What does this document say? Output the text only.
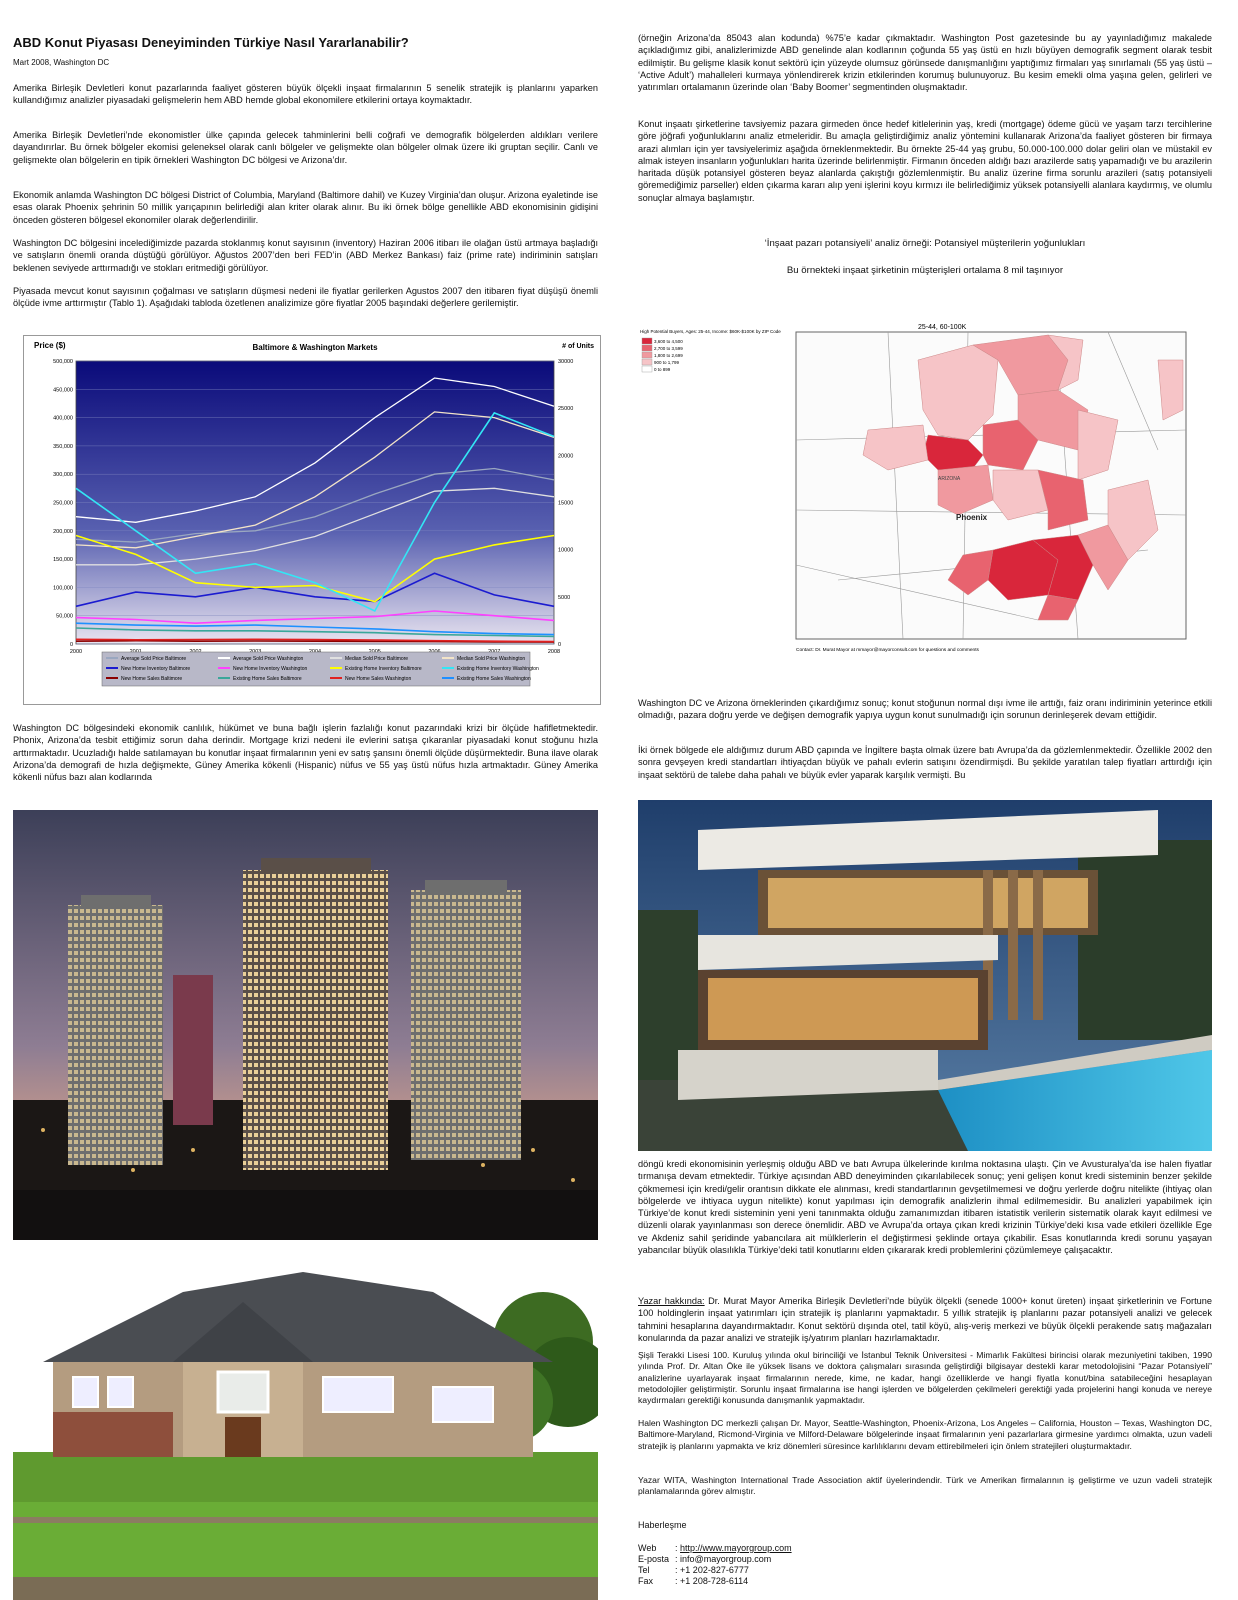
ABD Konut Piyasası Deneyiminden Türkiye Nasıl Yararlanabilir?
Mart 2008, Washington DC

Amerika Birleşik Devletleri konut pazarlarında faaliyet gösteren büyük ölçekli inşaat firmalarının 5 senelik stratejik iş planlarını yaparken kullandığımız analizler piyasadaki gelişmelerin hem ABD hemde global ekonomilere etkilerini ortaya koymaktadır.

Amerika Birleşik Devletleri’nde ekonomistler ülke çapında gelecek tahminlerini belli coğrafi ve demografik bölgelerden aldıkları verilere dayandırırlar. Bu örnek bölgeler ekomisi geleneksel olarak canlı bölgeler ve gelişmekte olan bölgeler olmak üzere iki gruptan seçilir. Canlı ve gelişmekte olan bölgelerin en tipik örnekleri Washington DC bölgesi ve Arizona’dır.

Ekonomik anlamda Washington DC bölgesi District of Columbia, Maryland (Baltimore dahil) ve Kuzey Virginia’dan oluşur. Arizona eyaletinde ise esas olarak Phoenix şehrinin 50 millik yarıçapının belirlediği alan kriter olarak alınır. Bu iki örnek bölge genellikle ABD ekonomisinin gidişini önceden gösteren bölgesel ekonomiler olarak değerlendirilir.

Washington DC bölgesini incelediğimizde pazarda stoklanmış konut sayısının (inventory) Haziran 2006 itibarı ile olağan üstü artmaya başladığı ve satışların önemli oranda düştüğü görülüyor. Ağustos 2007’den beri FED’in (ABD Merkez Bankası) faiz (prime rate) indiriminin satışları beklenen seviyede arttırmadığı ve stokları eritmediği görülüyor.

Piyasada mevcut konut sayısının çoğalması ve satışların düşmesi nedeni ile fiyatlar gerilerken Agustos 2007 den itibaren fiyat düşüşü önemli ölçüde ivme arttırmıştır (Tablo 1). Aşağıdaki tabloda özetlenen analizimize göre fiyatlar 2005 başındaki değerlere gerilemiştir.

Baltimore & Washington Markets
Price ($)	# of Units
500,000
450,000
400,000
350,000
300,000
250,000
200,000
150,000
100,000
50,000
0
30000
25000
20000
15000
10000
5000
0
2000	2008
Average Sold Price Baltimore	Average Sold Price Washington	Median Sold Price Baltimore	Median Sold Price Washington
New Home Inventory Baltimore	New Home Inventory Washington	Existing Home Inventory Baltimore	Existing Home Inventory Washington
New Home Sales Baltimore	Existing Home Sales Baltimore	New Home Sales Washington	Existing Home Sales Washington

Washington DC bölgesindeki ekonomik canlılık, hükümet ve buna bağlı işlerin fazlalığı konut pazarındaki krizi bir ölçüde hafifletmektedir. Phonix, Arizona’da tesbit ettiğimiz sorun daha derindir. Mortgage krizi nedeni ile evlerini satışa çıkaranlar piyasadaki konut stoğunu hızla arttırmaktadır. Ucuzladığı halde satılamayan bu konutlar inşaat firmalarının yeni ev satış şansını önemli ölçüde düşürmektedir. Buna ilave olarak Arizona’da demografi de hızla değişmekte, Güney Amerika kökenli (Hispanic) nüfus ve 55 yaş üstü nüfus hızla artmaktadır. Güney Amerika kökenli nüfus bazı alan kodlarında

(örneğin Arizona’da 85043 alan kodunda) %75’e kadar çıkmaktadır. Washington Post gazetesinde bu ay yayınladığımız makalede açıkladığımız gibi, analizlerimizde ABD genelinde alan kodlarının çoğunda 55 yaş üstü en hızlı büyüyen demografik segment olarak tesbit edilmiştir. Bu gelişme klasik konut sektörü için yüzeyde olumsuz görünsede danışmanlığını yaptığımız firmaları yaş sınırlamalı (55 yaş üstü – ‘Active Adult’) mahalleleri kurmaya yönlendirerek krizin etkilerinden korumuş bulunuyoruz. Bu kesim emekli olma yaşına gelen, gelirleri ve yatırımları ortalamanın üzerinde olan ‘Baby Boomer’ segmentinden oluşmaktadır.

Konut inşaatı şirketlerine tavsiyemiz pazara girmeden önce hedef kitlelerinin yaş, kredi (mortgage) ödeme gücü ve yaşam tarzı tercihlerine göre jöğrafi yoğunluklarını analiz etmeleridir. Bu amaçla geliştirdiğimiz analiz yöntemini kullanarak Arizona’da faaliyet gösteren bir firmaya arazi alımları için yer tavsiyelerimiz aşağıda örneklenmektedir. Bu örnekte 25-44 yaş grubu, 50.000-100.000 dolar geliri olan ve müstakil ev almak isteyen insanların yoğunlukları harita üzerinde belirlenmiştir. Firmanın önceden aldığı bazı arazilerde satış yapamadığı ve bu arazilerin haritada düşük potansiyel gösteren beyaz alanlarda çakıştığı gözlemlenmiştir. Bu analiz üzerine firma sorunlu arazileri (satış potansiyeli göremediğimiz parseller) elden çıkarma kararı alıp yeni işlerini koyu kırmızı ile belirlediğimiz yüksek potansiyelli alanlara kaydırmış, ve olumlu sonuçlar almaya başlamıştır.

‘İnşaat pazarı potansiyeli’ analiz örneği: Potansiyel müşterilerin yoğunlukları
Bu örnekteki inşaat şirketinin müşterişleri ortalama 8 mil taşınıyor
High Potential Buyers, Ages: 25-44, Income: $60K-$100K by ZIP Code
3,600 to 4,500
2,700 to 3,599
1,800 to 2,699
900 to 1,799
0 to 899
25-44, 60-100K
Phoenix
ARIZONA
Contact: Dr. Murat Mayor at mmayor@mayorconsult.com for questions and comments

Washington DC ve Arizona örneklerinden çıkardığımız sonuç; konut stoğunun normal dışı ivme ile arttığı, faiz oranı indiriminin yeterince etkili olmadığı, pazara doğru yerde ve değişen demografik yapıya uygun konut sunulmadığı için sorunun derinleşerek devam ettiğidir.

İki örnek bölgede ele aldığımız durum ABD çapında ve İngiltere başta olmak üzere batı Avrupa’da da gözlemlenmektedir. Özellikle 2002 den sonra gevşeyen kredi standartları ihtiyaçdan büyük ve pahalı evlerin satışını özendirmişdi. Bu şekilde yaratılan talep fiyatları arttırdığı için inşaat sektörü de talebe daha pahalı ve büyük evler yaparak karşılık vermişti. Bu

döngü kredi ekonomisinin yerleşmiş olduğu ABD ve batı Avrupa ülkelerinde kırılma noktasına ulaştı. Çin ve Avusturalya’da ise halen fiyatlar tırmanışa devam etmektedir. Türkiye açısından ABD deneyiminden çıkarılabilecek sonuç; yeni gelişen konut kredi sisteminin benzer şekilde çökmemesi için kredi/gelir orantısın dikkate ele alınması, kredi standartlarının gevşetilmemesi ve doğru yerlerde doğru nitelikte (ihtiyaç olan bölgelerde ve ihtiyaca uygun nitelikte) konut yapılması için demografik analizlerin ihmal edilmemesidir. Bu analizleri yapabilmek için Türkiye’de konut kredi sisteminin yeni yeni tanınmakta olduğu zamanımızdan itibaren istatistik verilerin sistematik olarak kayıt edilmesi ve düzenli olarak yayınlanması son derece önemlidir. ABD ve Avrupa’da ortaya çıkan kredi krizinin Türkiye’deki kısa vade etkileri özellikle Ege ve Akdeniz sahil şeridinde yabancılara ait mülklerlerin el değiştirmesi şeklinde ortaya çıkabilir. Esas konutlarında kredi sorunu yaşayan yabancılar büyük olasılıkla Türkiye’deki tatil konutlarını elden çıkararak kredi problemlerini çözümlemeye çalışacaktır.

Yazar hakkında: Dr. Murat Mayor Amerika Birleşik Devletleri’nde büyük ölçekli (senede 1000+ konut üreten) inşaat şirketlerinin ve Fortune 100 holdinglerin inşaat yatırımları için stratejik iş planlarını yapmaktadır. 5 yıllık stratejik iş planlarını pazar potansiyeli analizi ve gelecek tahmini hesaplarına dayandırmaktadır. Konut sektörü dışında otel, tatil köyü, alış-veriş merkezi ve büyük ölçekli perakende satış mağazaları konularında da pazar analizi ve stratejik iş/yatırım planları hazırlamaktadır.

Şişli Terakki Lisesi 100. Kuruluş yılında okul birinciliği ve İstanbul Teknik Üniversitesi - Mimarlık Fakültesi birincisi olarak mezuniyetini takiben, 1990 yılında Prof. Dr. Altan Öke ile yüksek lisans ve doktora çalışmaları sırasında geliştirdiği bilgisayar destekli karar metodolojisini “Pazar Potansiyeli” analizlerine uyarlayarak inşaat firmalarının nerede, kime, ne kadar, hangi özelliklerde ve hangi fiyatla konut/bina satabileceğini hesaplayan metodolojiler geliştirmiştir. Sorunlu inşaat firmalarına ise hangi işlerden ve bölgelerden çekilmeleri gerektiği yada projelerini hangi konuda ve nereye kaydırmaları gerektiği konusunda danışmanlık yapmaktadır.

Halen Washington DC merkezli çalışan Dr. Mayor, Seattle-Washington, Phoenix-Arizona, Los Angeles – California, Houston – Texas, Washington DC, Baltimore-Maryland, Ricmond-Virginia ve Milford-Delaware bölgelerinde inşaat firmalarının yeni pazarlarlara girmesine yardımcı olmakta, uzun vadeli stratejik iş planlarını yapmakta ve kriz dönemleri süresince karlılıklarını devam ettirebilmeleri için önlem stratejileri oluşturmaktadır.

Yazar WITA, Washington International Trade Association aktif üyelerindendir. Türk ve Amerikan firmalarının iş geliştirme ve uzun vadeli stratejik planlamalarında görev almıştır.

Haberleşme
Web	: http://www.mayorgroup.com
E-posta	: info@mayorgroup.com
Tel	: +1 202-827-6777
Fax	: +1 208-728-6114
